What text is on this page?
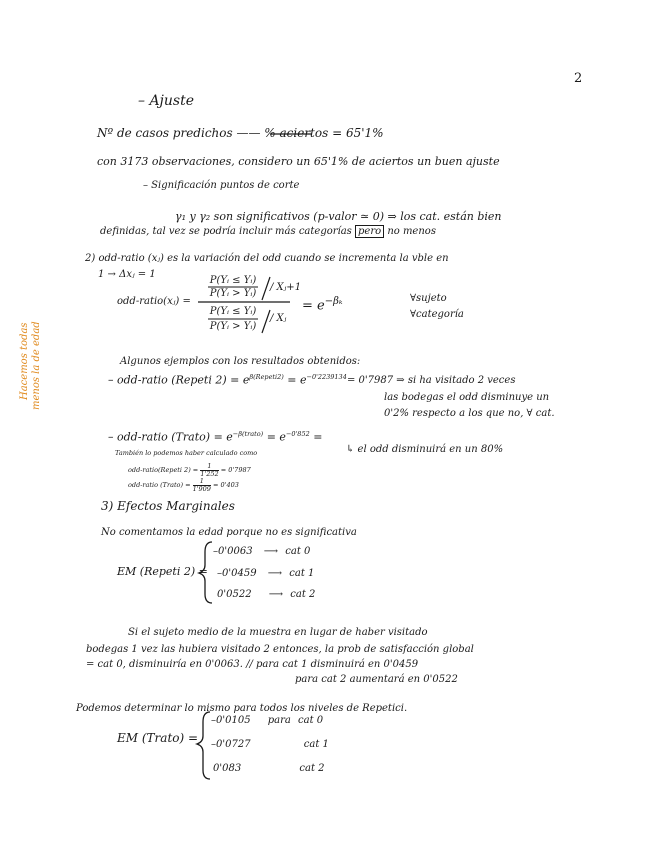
2
– Ajuste
Nº de casos predichos —— % aciertos = 65'1%
con 3173 observaciones, considero un 65'1% de aciertos un buen ajuste
– Significación puntos de corte
γ₁ y γ₂ son significativos (p-valor ≃ 0) ⇒ los cat. están bien
definidas, tal vez se podría incluir más categorías pero no menos
2) odd-ratio (xⱼ) es la variación del odd cuando se incrementa la vble en
1 → Δxⱼ = 1
odd-ratio(xⱼ) =
P(Yᵢ ≤ Yᵢ)
P(Yᵢ > Yᵢ)
/ Xⱼ+1
P(Yᵢ ≤ Yᵢ)
P(Yᵢ > Yᵢ)
/ Xⱼ
= $e^{-\beta_k}$	∀sujeto
∀categoría
Hacemos todas menos la de edad	Algunos ejemplos con los resultados obtenidos:
– odd-ratio (Repeti $2) = e^{\beta(Repeti2)} = e^{-0'2239134} = 0'7987$ ⇒ si ha visitado 2 veces
las bodegas el odd disminuye un
0'2% respecto a los que no, ∀ cat.
– odd-ratio (Trato) = $e^{-\beta(trato)} = e^{-0'852}$ =
↳ el odd disminuirá en un 80%
También lo podemos haber calculado como
odd-ratio(Repeti $2) = \frac{1}{1'252} = 0'7987$
odd-ratio (Trato) = $\frac{1}{1'909} = 0'403$
3) Efectos Marginales
No comentamos la edad porque no es significativa
EM (Repeti 2) =
–0'0063 ⟶ cat 0
–0'0459 ⟶ cat 1
0'0522 ⟶ cat 2
Si el sujeto medio de la muestra en lugar de haber visitado
bodegas 1 vez las hubiera visitado 2 entonces, la prob de satisfacción global
= cat 0, disminuiría en 0'0063. // para cat 1 disminuirá en 0'0459
para cat 2 aumentará en 0'0522
Podemos determinar lo mismo para todos los niveles de Repetici.
EM (Trato) =
–0'0105 para cat 0
–0'0727	cat 1
0'083	cat 2
